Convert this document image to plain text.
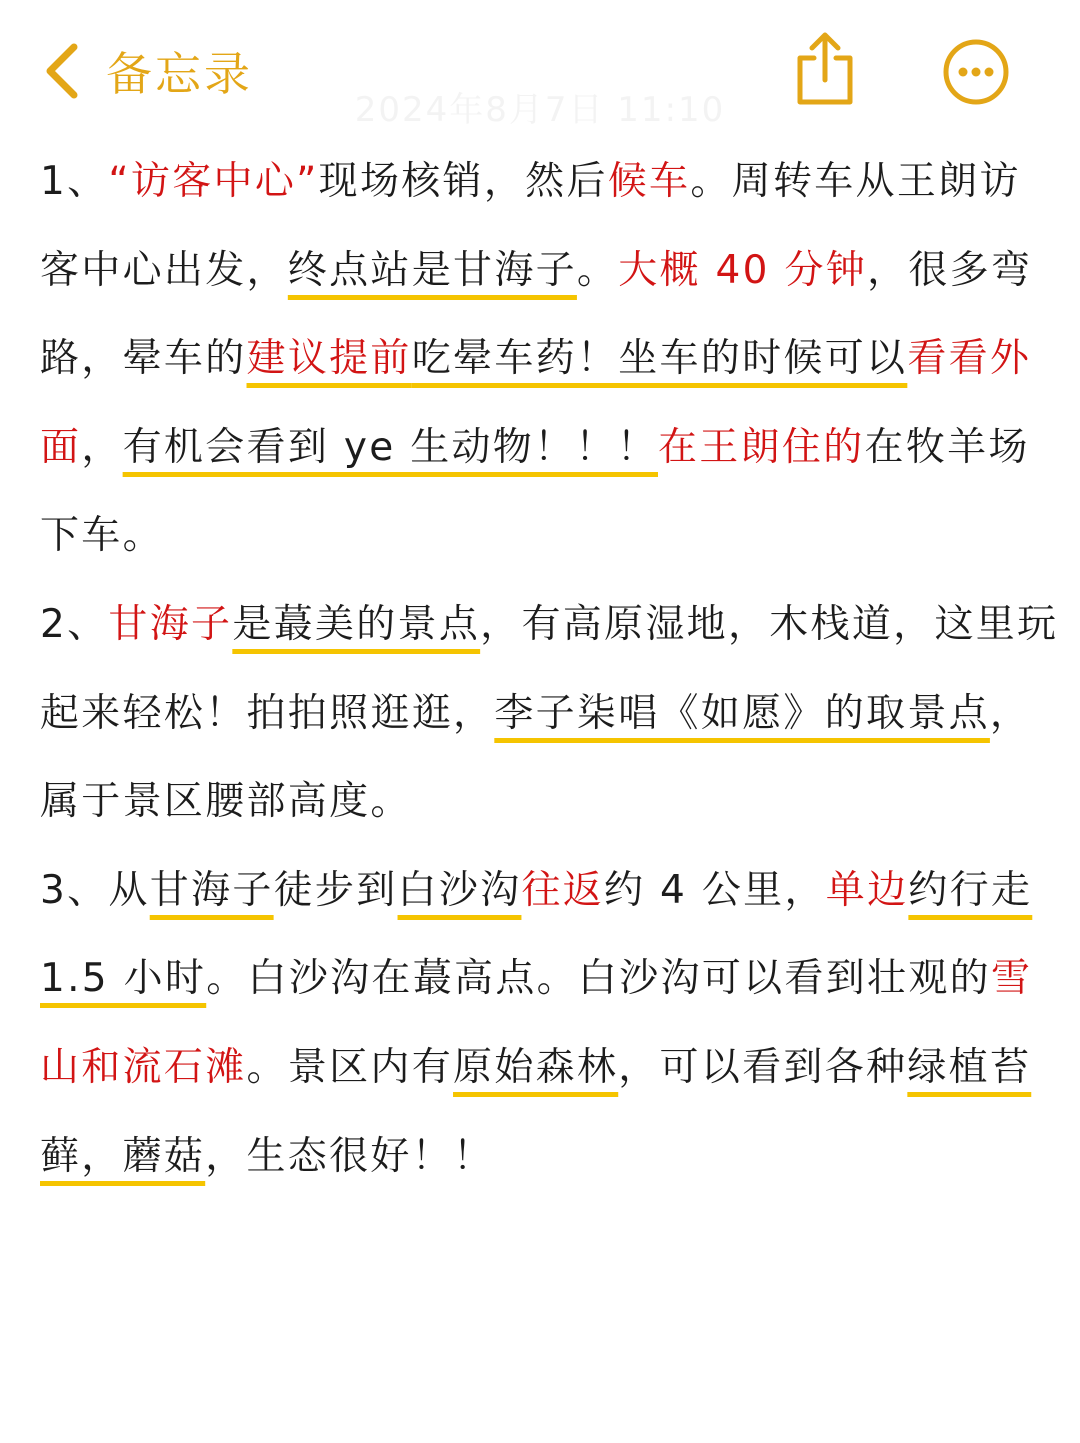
备忘录
2024年8月7日 11:10
1、“访客中心”现场核销，然后候车。周转车从王朗访
客中心出发，终点站是甘海子。大概 40 分钟，很多弯
路，晕车的建议提前吃晕车药！坐车的时候可以看看外
面，有机会看到 ye 生动物！！！在王朗住的在牧羊场
下车。
2、甘海子是蕞美的景点，有高原湿地，木栈道，这里玩
起来轻松！拍拍照逛逛，李子柒唱《如愿》的取景点，
属于景区腰部高度。
3、从甘海子徒步到白沙沟往返约 4 公里，单边约行走
1.5 小时。白沙沟在蕞高点。白沙沟可以看到壮观的雪
山和流石滩。景区内有原始森林，可以看到各种绿植苔
藓，蘑菇，生态很好！！
